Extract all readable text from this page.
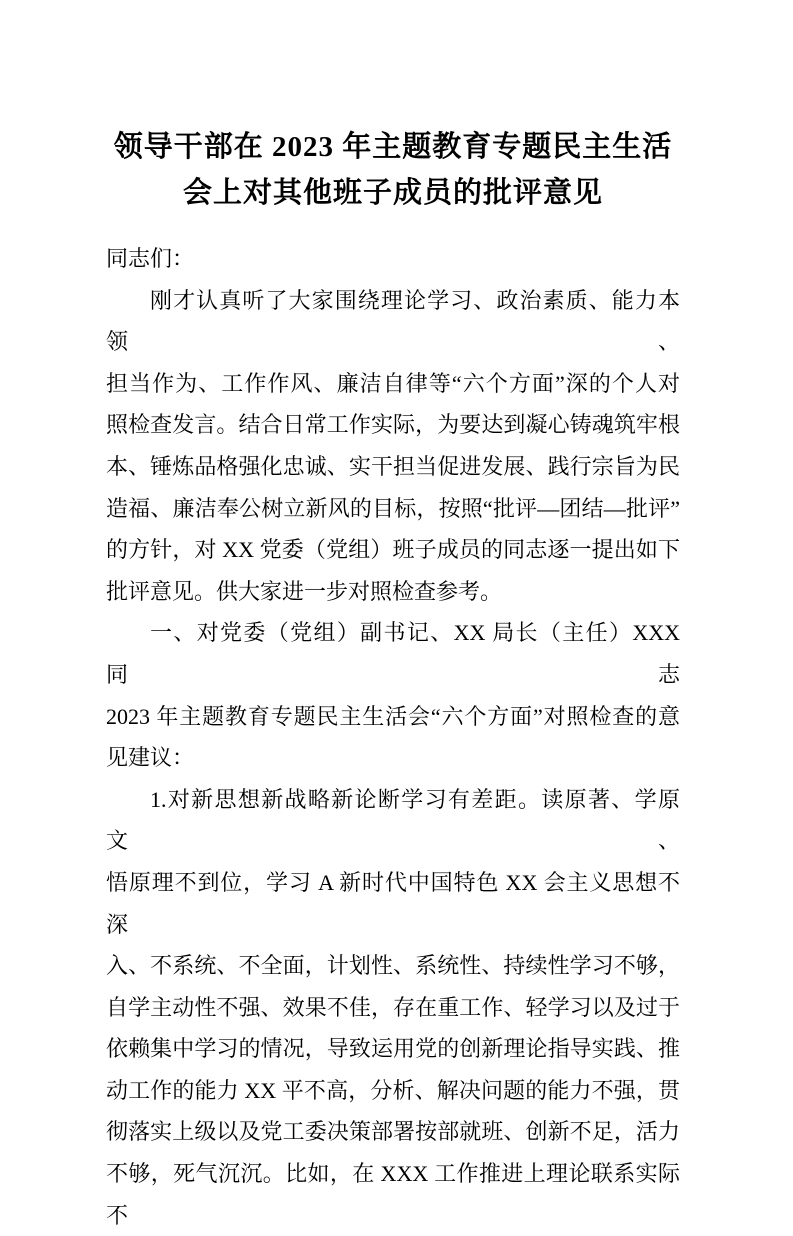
领导干部在 2023 年主题教育专题民主生活
会上对其他班子成员的批评意见
同志们：
刚才认真听了大家围绕理论学习、政治素质、能力本领、
担当作为、工作作风、廉洁自律等“六个方面”深的个人对
照检查发言。结合日常工作实际，为要达到凝心铸魂筑牢根
本、锤炼品格强化忠诚、实干担当促进发展、践行宗旨为民
造福、廉洁奉公树立新风的目标，按照“批评—团结—批评”
的方针，对 XX 党委（党组）班子成员的同志逐一提出如下
批评意见。供大家进一步对照检查参考。
一、对党委（党组）副书记、XX 局长（主任）XXX 同志
2023 年主题教育专题民主生活会“六个方面”对照检查的意
见建议：
1.对新思想新战略新论断学习有差距。读原著、学原文、
悟原理不到位，学习 A 新时代中国特色 XX 会主义思想不深
入、不系统、不全面，计划性、系统性、持续性学习不够，
自学主动性不强、效果不佳，存在重工作、轻学习以及过于
依赖集中学习的情况，导致运用党的创新理论指导实践、推
动工作的能力 XX 平不高，分析、解决问题的能力不强，贯
彻落实上级以及党工委决策部署按部就班、创新不足，活力
不够，死气沉沉。比如，在 XXX 工作推进上理论联系实际不
